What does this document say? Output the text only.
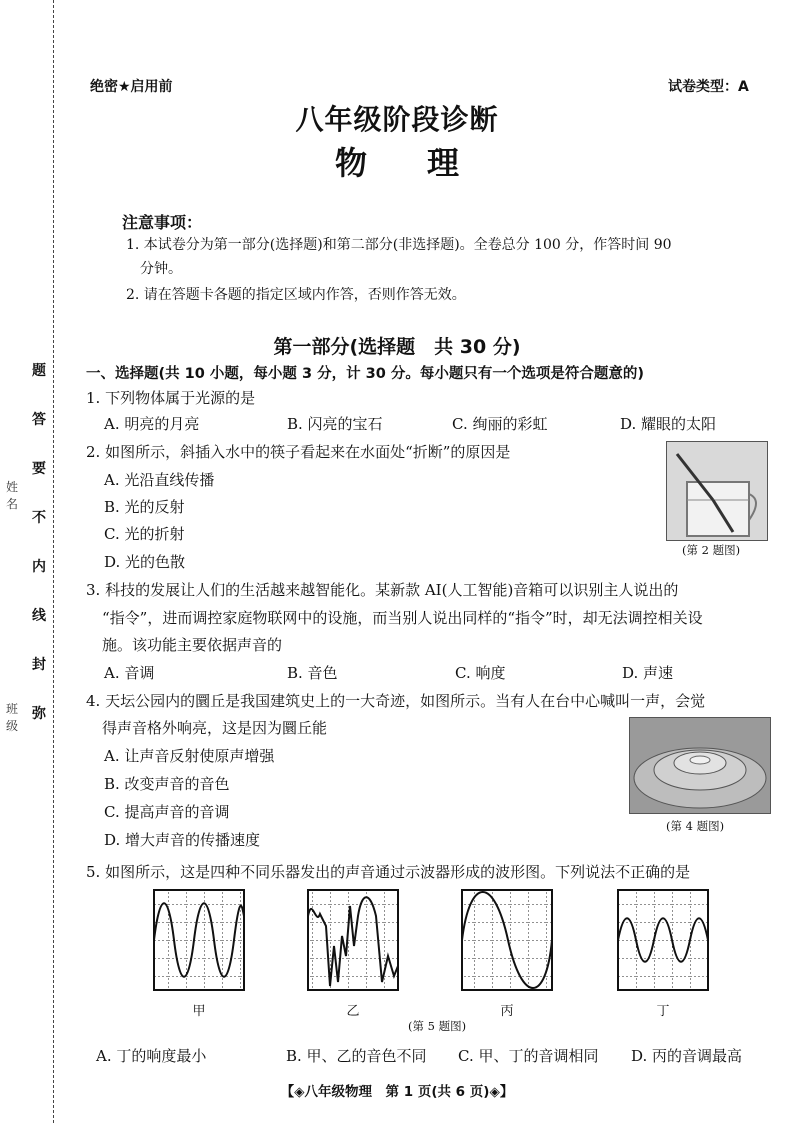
题
答
要
不
内
线
封
弥
姓名
班级
绝密★启用前	试卷类型：A
八年级阶段诊断
物理
注意事项：
1. 本试卷分为第一部分(选择题)和第二部分(非选择题)。全卷总分 100 分，作答时间 90
分钟。
2. 请在答题卡各题的指定区域内作答，否则作答无效。
第一部分(选择题　共 30 分)
一、选择题(共 10 小题，每小题 3 分，计 30 分。每小题只有一个选项是符合题意的)
1. 下列物体属于光源的是
A. 明亮的月亮	B. 闪亮的宝石	C. 绚丽的彩虹	D. 耀眼的太阳
2. 如图所示，斜插入水中的筷子看起来在水面处“折断”的原因是
A. 光沿直线传播
B. 光的反射
C. 光的折射
D. 光的色散
(第 2 题图)
3. 科技的发展让人们的生活越来越智能化。某新款 AI(人工智能)音箱可以识别主人说出的
“指令”，进而调控家庭物联网中的设施，而当别人说出同样的“指令”时，却无法调控相关设
施。该功能主要依据声音的
A. 音调	B. 音色	C. 响度	D. 声速
4. 天坛公园内的圜丘是我国建筑史上的一大奇迹，如图所示。当有人在台中心喊叫一声，会觉
得声音格外响亮，这是因为圜丘能
A. 让声音反射使原声增强
B. 改变声音的音色
C. 提高声音的音调
D. 增大声音的传播速度
(第 4 题图)
5. 如图所示，这是四种不同乐器发出的声音通过示波器形成的波形图。下列说法不正确的是
甲	乙	丙	丁
(第 5 题图)
A. 丁的响度最小	B. 甲、乙的音色不同 C. 甲、丁的音调相同 D. 丙的音调最高
【◈八年级物理　第 1 页(共 6 页)◈】
